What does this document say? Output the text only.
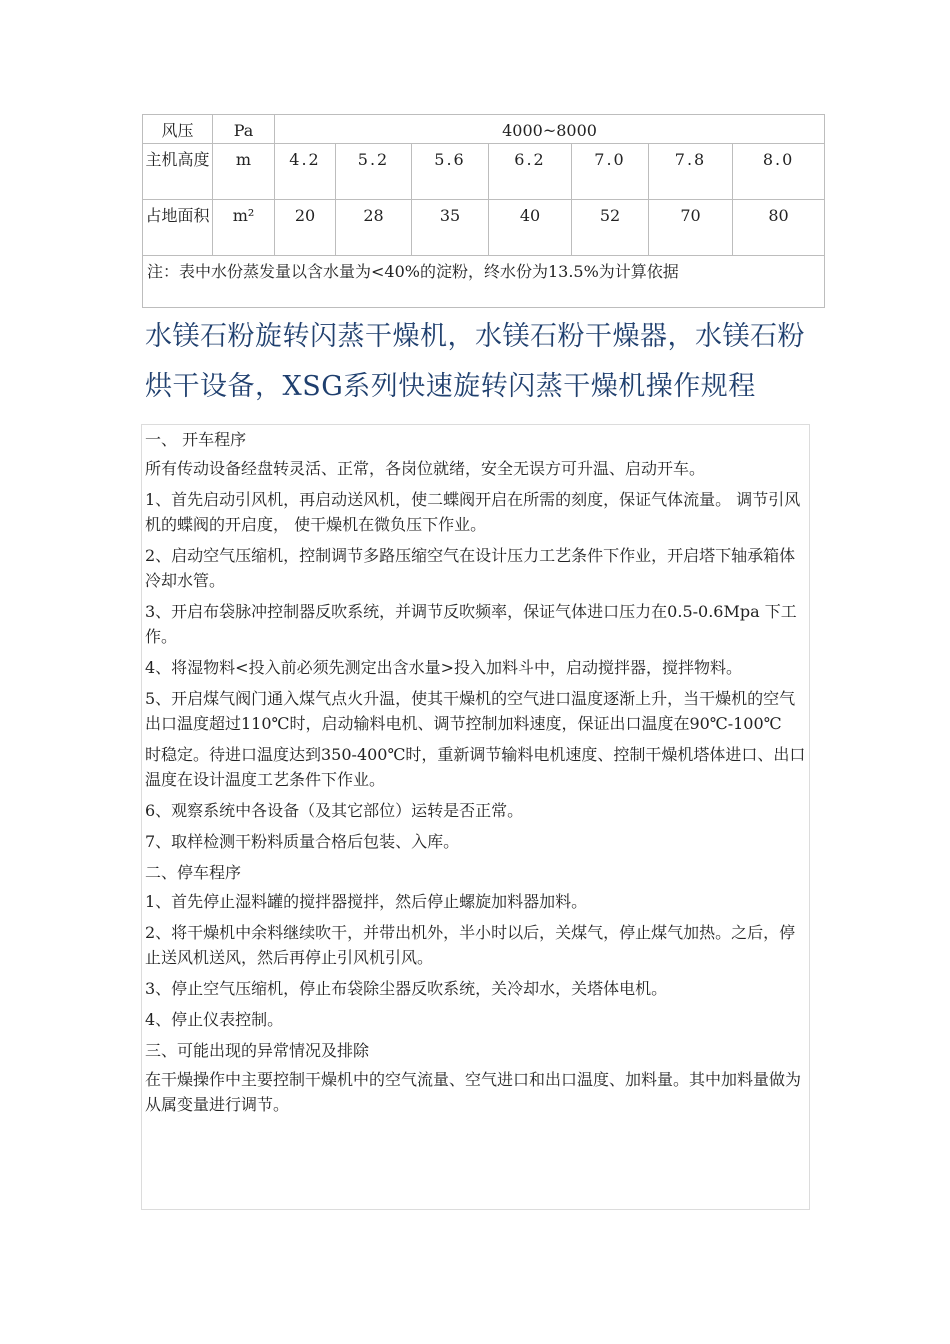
风压	Pa	4000~8000						
主机高度	m	4.2	5.2	5.6	6.2	7.0	7.8	8.0
占地面积	m²	20	28	35	40	52	70	80
注：表中水份蒸发量以含水量为<40%的淀粉，终水份为13.5%为计算依据								
水镁石粉旋转闪蒸干燥机，水镁石粉干燥器，水镁石粉烘干设备，XSG系列快速旋转闪蒸干燥机操作规程

一、 开车程序

所有传动设备经盘转灵活、正常，各岗位就绪，安全无误方可升温、启动开车。

1、首先启动引风机，再启动送风机，使二蝶阀开启在所需的刻度，保证气体流量。 调节引风机的蝶阀的开启度， 使干燥机在微负压下作业。

2、启动空气压缩机，控制调节多路压缩空气在设计压力工艺条件下作业，开启塔下轴承箱体冷却水管。

3、开启布袋脉冲控制器反吹系统，并调节反吹频率，保证气体进口压力在0.5-0.6Mpa 下工作。

4、将湿物料<投入前必须先测定出含水量>投入加料斗中，启动搅拌器，搅拌物料。

5、开启煤气阀门通入煤气点火升温，使其干燥机的空气进口温度逐渐上升，当干燥机的空气出口温度超过110℃时，启动输料电机、调节控制加料速度，保证出口温度在90℃-100℃

时稳定。待进口温度达到350-400℃时，重新调节输料电机速度、控制干燥机塔体进口、出口温度在设计温度工艺条件下作业。

6、观察系统中各设备（及其它部位）运转是否正常。

7、取样检测干粉料质量合格后包装、入库。

二、停车程序

1、首先停止湿料罐的搅拌器搅拌，然后停止螺旋加料器加料。

2、将干燥机中余料继续吹干，并带出机外，半小时以后，关煤气，停止煤气加热。之后，停止送风机送风，然后再停止引风机引风。

3、停止空气压缩机，停止布袋除尘器反吹系统，关冷却水，关塔体电机。

4、停止仪表控制。

三、可能出现的异常情况及排除

在干燥操作中主要控制干燥机中的空气流量、空气进口和出口温度、加料量。其中加料量做为从属变量进行调节。
